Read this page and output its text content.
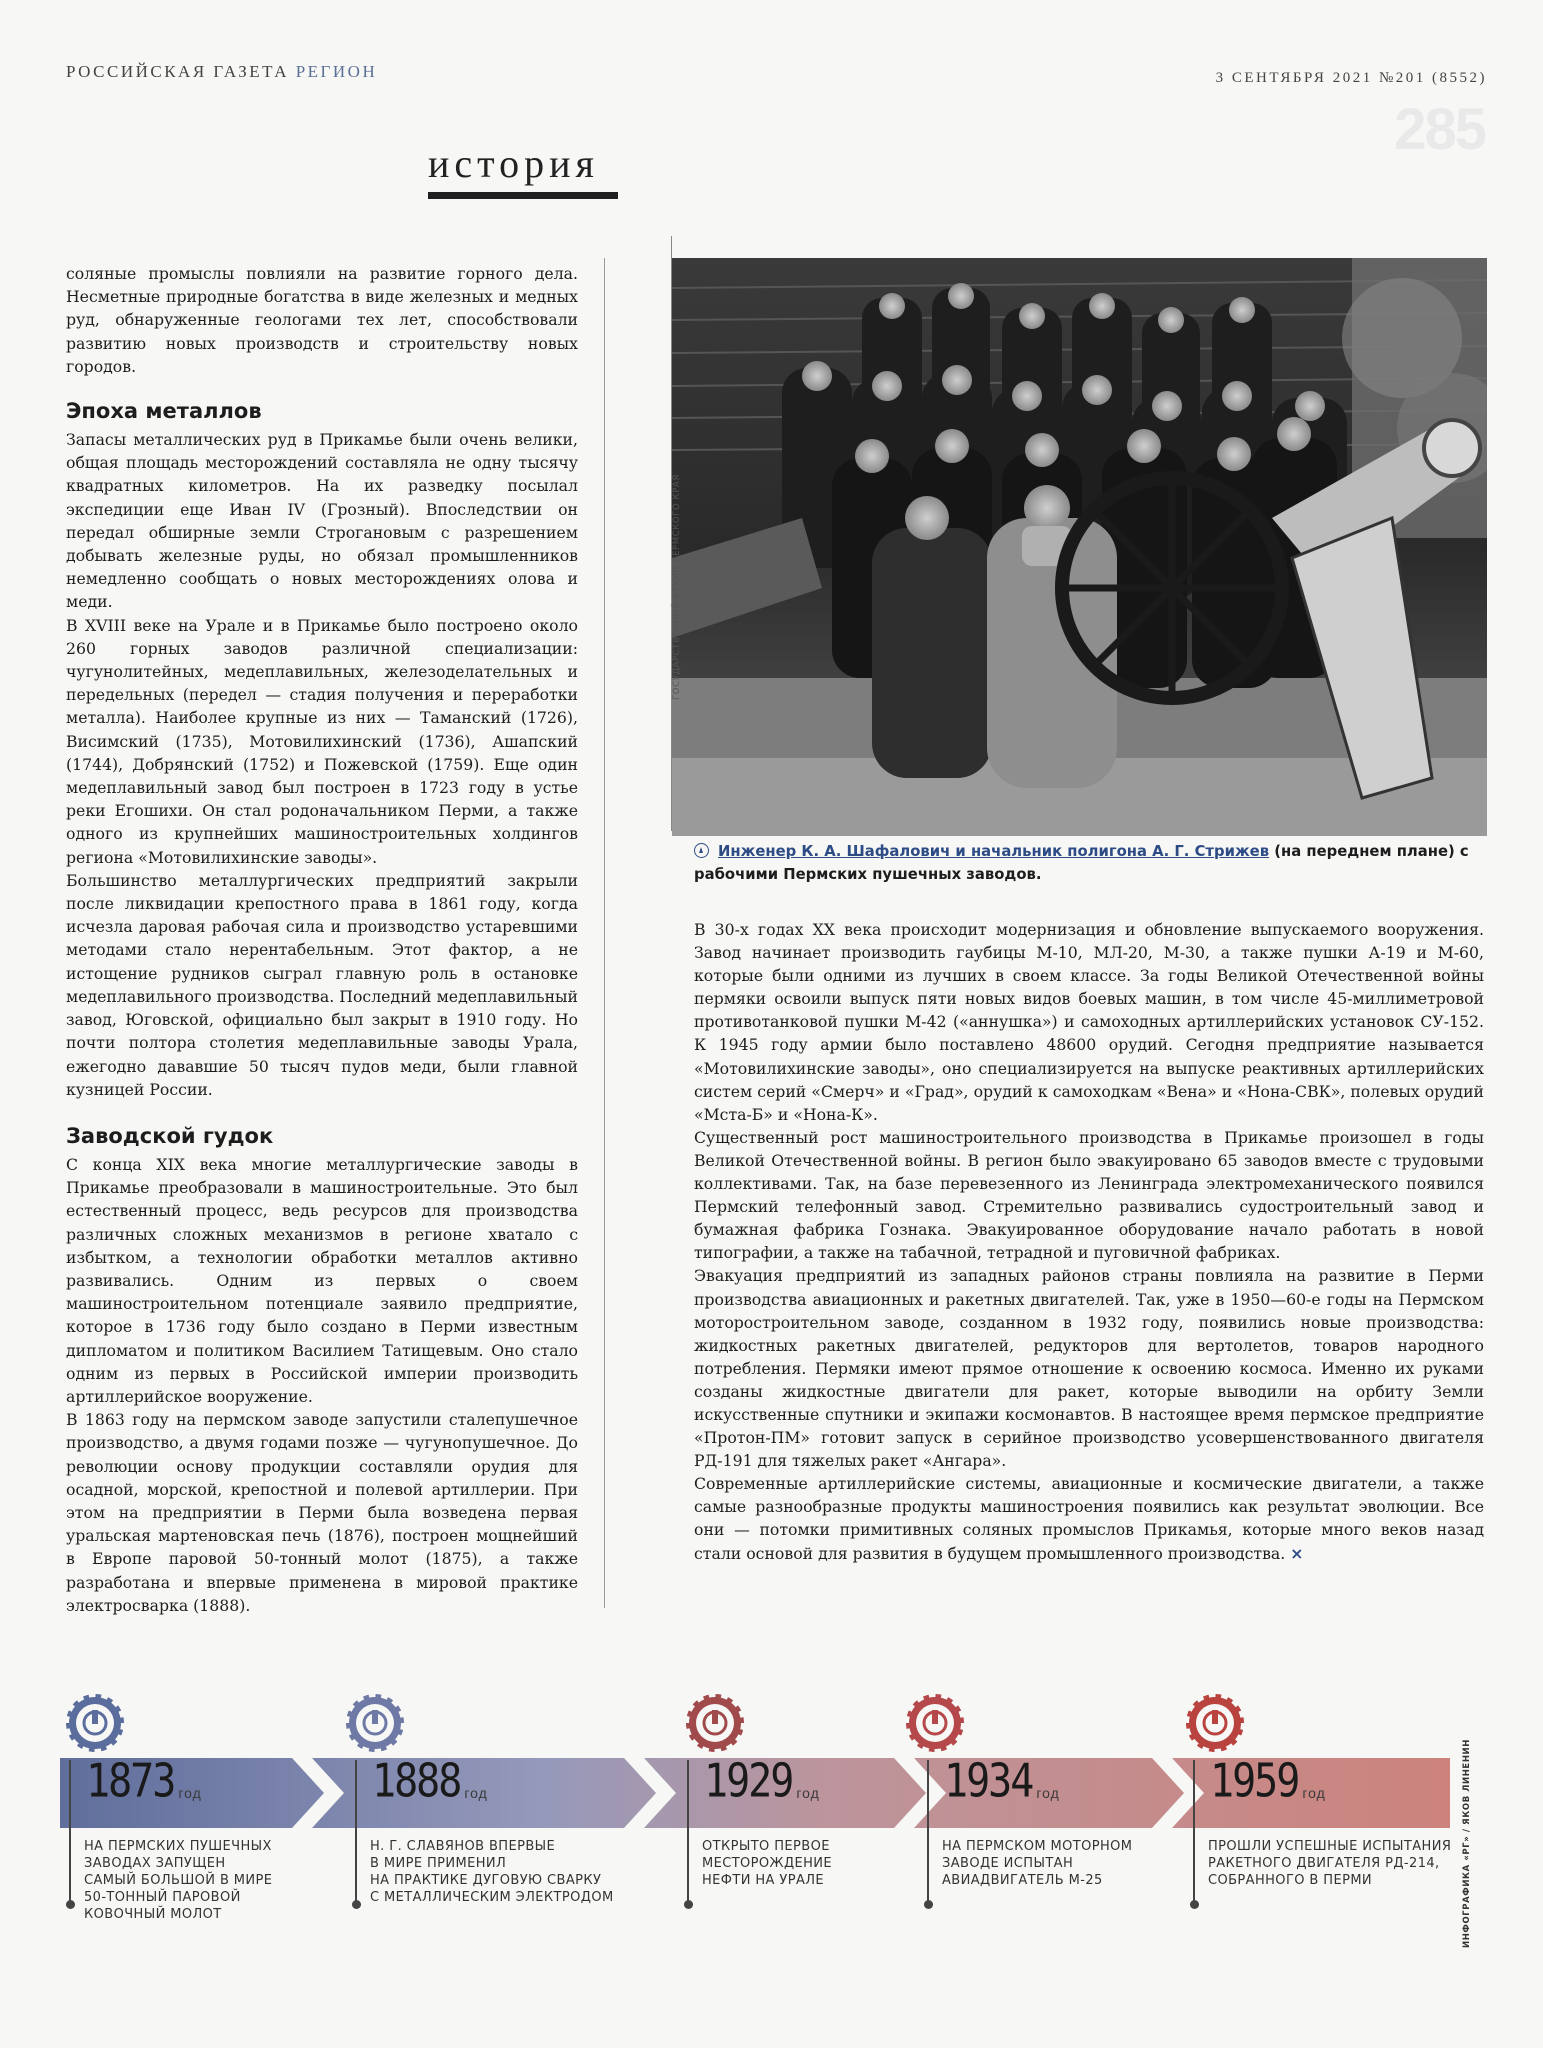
РОССИЙСКАЯ ГАЗЕТА РЕГИОН	3 СЕНТЯБРЯ 2021 №201 (8552)
285
история

соляные промыслы повлияли на развитие горного дела. Несметные природные богатства в виде железных и медных руд, обнаруженные геологами тех лет, способствовали развитию новых производств и строительству новых городов.

Эпоха металлов

Запасы металлических руд в Прикамье были очень велики, общая площадь месторождений составляла не одну тысячу квадратных километров. На их разведку посылал экспедиции еще Иван IV (Грозный). Впоследствии он передал обширные земли Строгановым с разрешением добывать железные руды, но обязал промышленников немедленно сообщать о новых месторождениях олова и меди.

В XVIII веке на Урале и в Прикамье было построено около 260 горных заводов различной специализации: чугунолитейных, медеплавильных, железоделательных и передельных (передел — стадия получения и переработки металла). Наиболее крупные из них — Таманский (1726), Висимский (1735), Мотовилихинский (1736), Ашапский (1744), Добрянский (1752) и Пожевской (1759). Еще один медеплавильный завод был построен в 1723 году в устье реки Егошихи. Он стал родоначальником Перми, а также одного из крупнейших машиностроительных холдингов региона «Мотовилихинские заводы».

Большинство металлургических предприятий закрыли после ликвидации крепостного права в 1861 году, когда исчезла даровая рабочая сила и производство устаревшими методами стало нерентабельным. Этот фактор, а не истощение рудников сыграл главную роль в остановке медеплавильного производства. Последний медеплавильный завод, Юговской, официально был закрыт в 1910 году. Но почти полтора столетия медеплавильные заводы Урала, ежегодно дававшие 50 тысяч пудов меди, были главной кузницей России.

Заводской гудок

С конца XIX века многие металлургические заводы в Прикамье преобразовали в машиностроительные. Это был естественный процесс, ведь ресурсов для производства различных сложных механизмов в регионе хватало с избытком, а технологии обработки металлов активно развивались. Одним из первых о своем машиностроительном потенциале заявило предприятие, которое в 1736 году было создано в Перми известным дипломатом и политиком Василием Татищевым. Оно стало одним из первых в Российской империи производить артиллерийское вооружение.

В 1863 году на пермском заводе запустили сталепушечное производство, а двумя годами позже — чугунопушечное. До революции основу продукции составляли орудия для осадной, морской, крепостной и полевой артиллерии. При этом на предприятии в Перми была возведена первая уральская мартеновская печь (1876), построен мощнейший в Европе паровой 50-тонный молот (1875), а также разработана и впервые применена в мировой практике электросварка (1888).

ГОСУДАРСТВЕННЫЙ АРХИВ ПЕРМСКОГО КРАЯ
Инженер К. А. Шафалович и начальник полигона А. Г. Стрижев (на переднем плане) с рабочими Пермских пушечных заводов.

В 30-х годах XX века происходит модернизация и обновление выпускаемого вооружения. Завод начинает производить гаубицы М-10, МЛ-20, М-30, а также пушки А-19 и М-60, которые были одними из лучших в своем классе. За годы Великой Отечественной войны пермяки освоили выпуск пяти новых видов боевых машин, в том числе 45-миллиметровой противотанковой пушки М-42 («аннушка») и самоходных артиллерийских установок СУ-152. К 1945 году армии было поставлено 48600 орудий. Сегодня предприятие называется «Мотовилихинские заводы», оно специализируется на выпуске реактивных артиллерийских систем серий «Смерч» и «Град», орудий к самоходкам «Вена» и «Нона-СВК», полевых орудий «Мста-Б» и «Нона-К».

Существенный рост машиностроительного производства в Прикамье произошел в годы Великой Отечественной войны. В регион было эвакуировано 65 заводов вместе с трудовыми коллективами. Так, на базе перевезенного из Ленинграда электромеханического появился Пермский телефонный завод. Стремительно развивались судостроительный завод и бумажная фабрика Гознака. Эвакуированное оборудование начало работать в новой типографии, а также на табачной, тетрадной и пуговичной фабриках.

Эвакуация предприятий из западных районов страны повлияла на развитие в Перми производства авиационных и ракетных двигателей. Так, уже в 1950—60-е годы на Пермском моторостроительном заводе, созданном в 1932 году, появились новые производства: жидкостных ракетных двигателей, редукторов для вертолетов, товаров народного потребления. Пермяки имеют прямое отношение к освоению космоса. Именно их руками созданы жидкостные двигатели для ракет, которые выводили на орбиту Земли искусственные спутники и экипажи космонавтов. В настоящее время пермское предприятие «Протон-ПМ» готовит запуск в серийное производство усовершенствованного двигателя РД-191 для тяжелых ракет «Ангара».

Современные артиллерийские системы, авиационные и космические двигатели, а также самые разнообразные продукты машиностроения появились как результат эволюции. Все они — потомки примитивных соляных промыслов Прикамья, которые много веков назад стали основой для развития в будущем промышленного производства. ×

1873 год
НА ПЕРМСКИХ ПУШЕЧНЫХ
ЗАВОДАХ ЗАПУЩЕН
САМЫЙ БОЛЬШОЙ В МИРЕ
50-ТОННЫЙ ПАРОВОЙ
КОВОЧНЫЙ МОЛОТ
1888 год
Н. Г. СЛАВЯНОВ ВПЕРВЫЕ
В МИРЕ ПРИМЕНИЛ
НА ПРАКТИКЕ ДУГОВУЮ СВАРКУ
С МЕТАЛЛИЧЕСКИМ ЭЛЕКТРОДОМ
1929 год
ОТКРЫТО ПЕРВОЕ
МЕСТОРОЖДЕНИЕ
НЕФТИ НА УРАЛЕ
1934 год
НА ПЕРМСКОМ МОТОРНОМ
ЗАВОДЕ ИСПЫТАН
АВИАДВИГАТЕЛЬ М-25
1959 год
ПРОШЛИ УСПЕШНЫЕ ИСПЫТАНИЯ
РАКЕТНОГО ДВИГАТЕЛЯ РД-214,
СОБРАННОГО В ПЕРМИ	ИНФОГРАФИКА «РГ» / ЯКОВ ЛИНЕНИН
